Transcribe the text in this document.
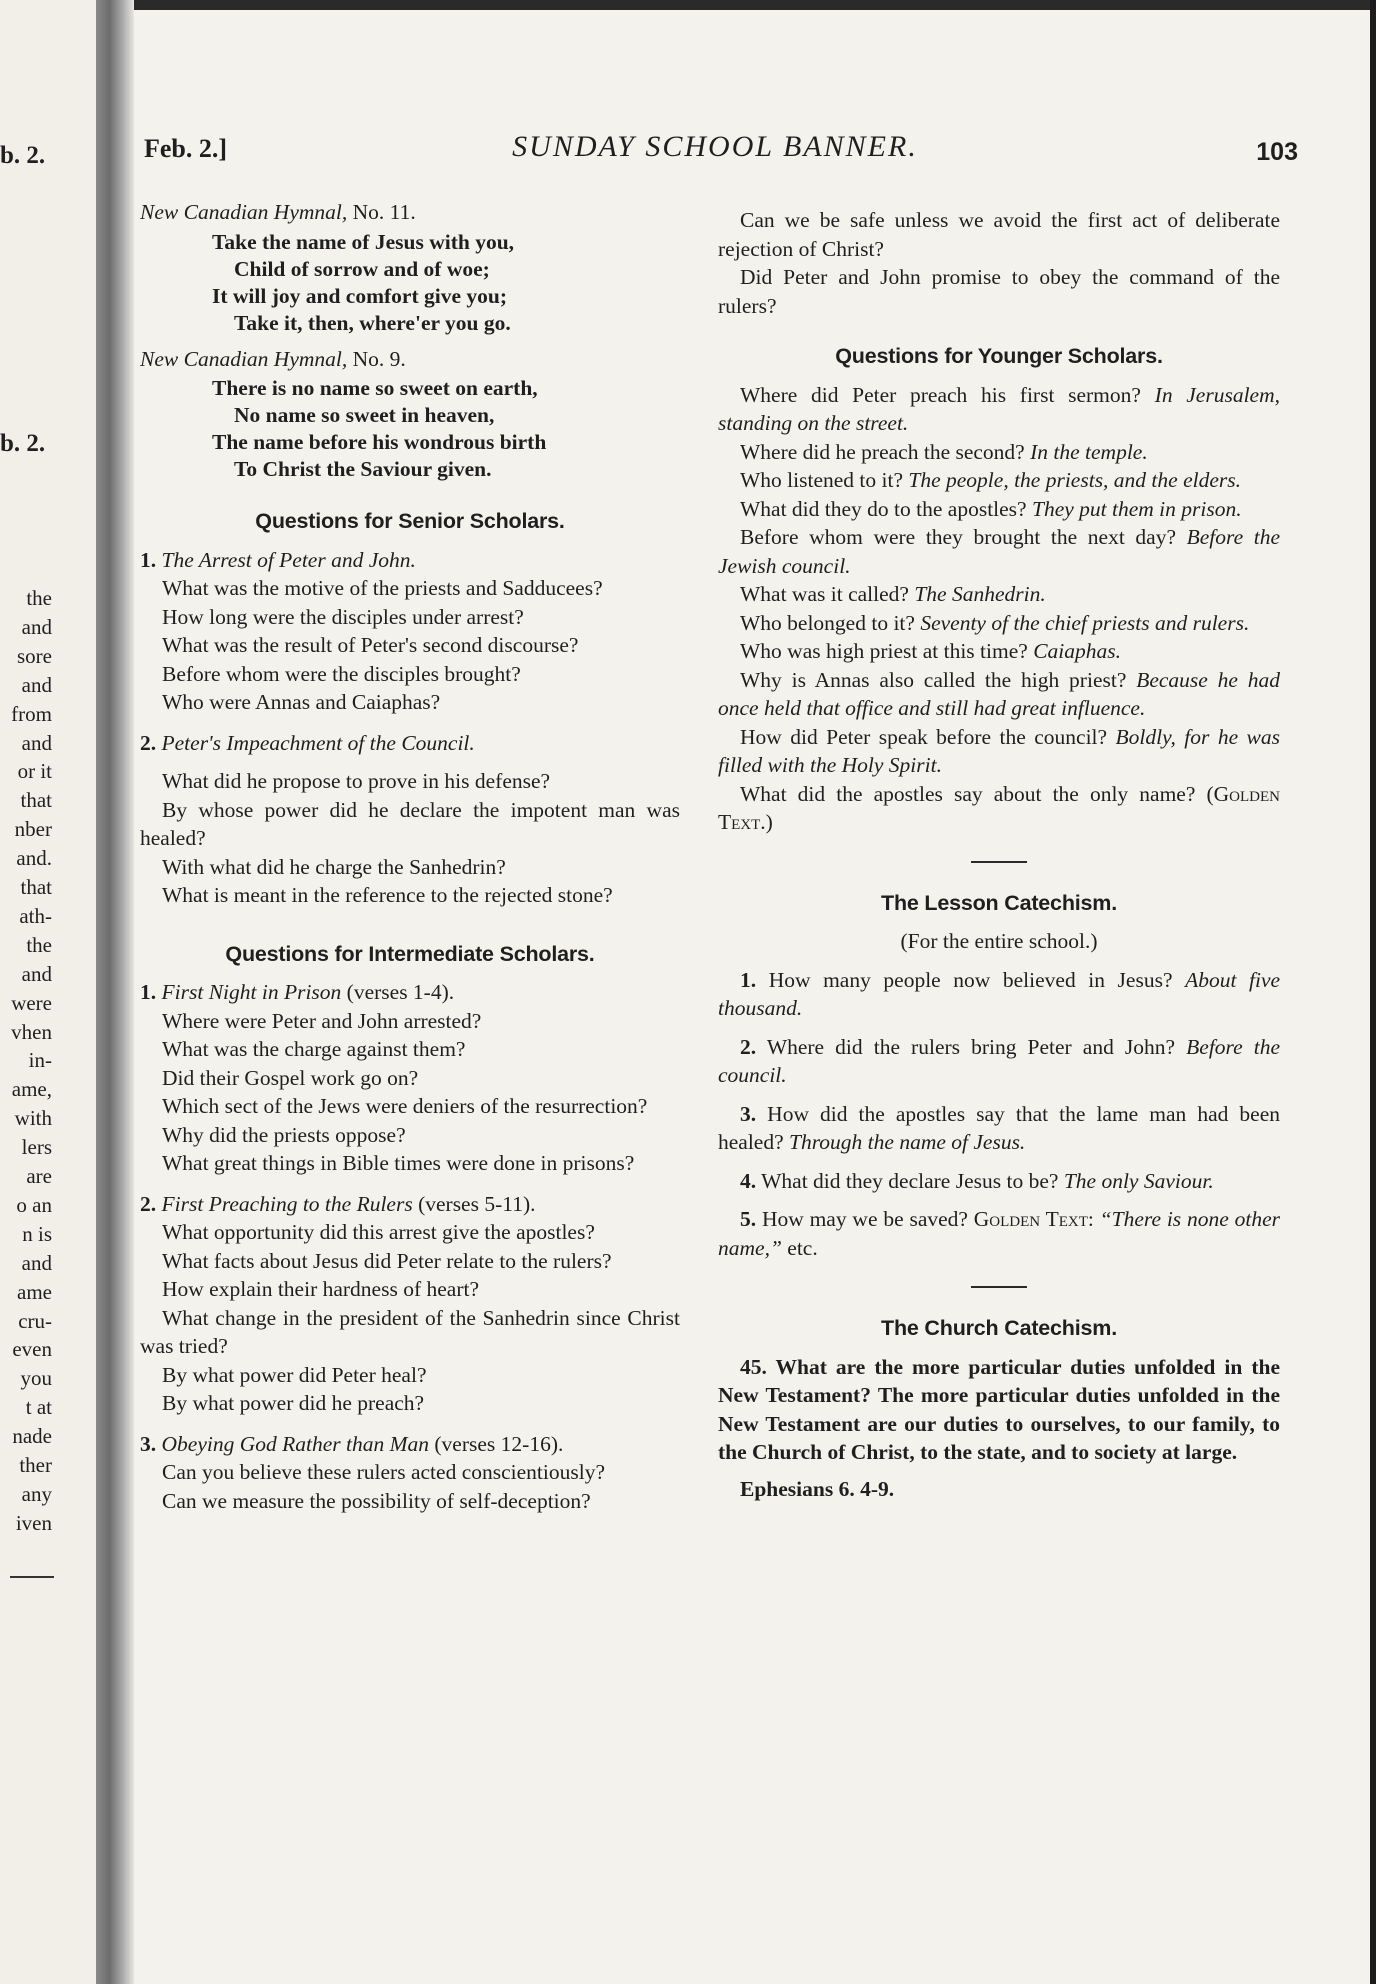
b. 2.
b. 2.
the
and
sore
and
from
and
or it
that
nber
and.
that
ath-
the
and
were
vhen
in-
ame,
with
lers
are
o an
n is
and
ame
cru-
even
you
t at
nade
ther
any
iven
Feb. 2.]	SUNDAY SCHOOL BANNER.	103

New Canadian Hymnal, No. 11.

Take the name of Jesus with you,
Child of sorrow and of woe;
It will joy and comfort give you;
Take it, then, where'er you go.

New Canadian Hymnal, No. 9.

There is no name so sweet on earth,
No name so sweet in heaven,
The name before his wondrous birth
To Christ the Saviour given.
Questions for Senior Scholars.

1. The Arrest of Peter and John.

What was the motive of the priests and Sadducees?

How long were the disciples under arrest?

What was the result of Peter's second discourse?

Before whom were the disciples brought?

Who were Annas and Caiaphas?

2. Peter's Impeachment of the Council.

What did he propose to prove in his defense?

By whose power did he declare the impotent man was healed?

With what did he charge the Sanhedrin?

What is meant in the reference to the rejected stone?

Questions for Intermediate Scholars.

1. First Night in Prison (verses 1-4).

Where were Peter and John arrested?

What was the charge against them?

Did their Gospel work go on?

Which sect of the Jews were deniers of the resurrection?

Why did the priests oppose?

What great things in Bible times were done in prisons?

2. First Preaching to the Rulers (verses 5-11).

What opportunity did this arrest give the apostles?

What facts about Jesus did Peter relate to the rulers?

How explain their hardness of heart?

What change in the president of the Sanhedrin since Christ was tried?

By what power did Peter heal?

By what power did he preach?

3. Obeying God Rather than Man (verses 12-16).

Can you believe these rulers acted conscientiously?

Can we measure the possibility of self-deception?

Can we be safe unless we avoid the first act of deliberate rejection of Christ?

Did Peter and John promise to obey the command of the rulers?

Questions for Younger Scholars.

Where did Peter preach his first sermon? In Jerusalem, standing on the street.

Where did he preach the second? In the temple.

Who listened to it? The people, the priests, and the elders.

What did they do to the apostles? They put them in prison.

Before whom were they brought the next day? Before the Jewish council.

What was it called? The Sanhedrin.

Who belonged to it? Seventy of the chief priests and rulers.

Who was high priest at this time? Caiaphas.

Why is Annas also called the high priest? Because he had once held that office and still had great influence.

How did Peter speak before the council? Boldly, for he was filled with the Holy Spirit.

What did the apostles say about the only name? (Golden Text.)

The Lesson Catechism.

(For the entire school.)

1. How many people now believed in Jesus? About five thousand.

2. Where did the rulers bring Peter and John? Before the council.

3. How did the apostles say that the lame man had been healed? Through the name of Jesus.

4. What did they declare Jesus to be? The only Saviour.

5. How may we be saved? Golden Text: “There is none other name,” etc.

The Church Catechism.

45. What are the more particular duties unfolded in the New Testament? The more particular duties unfolded in the New Testament are our duties to ourselves, to our family, to the Church of Christ, to the state, and to society at large.

Ephesians 6. 4-9.
